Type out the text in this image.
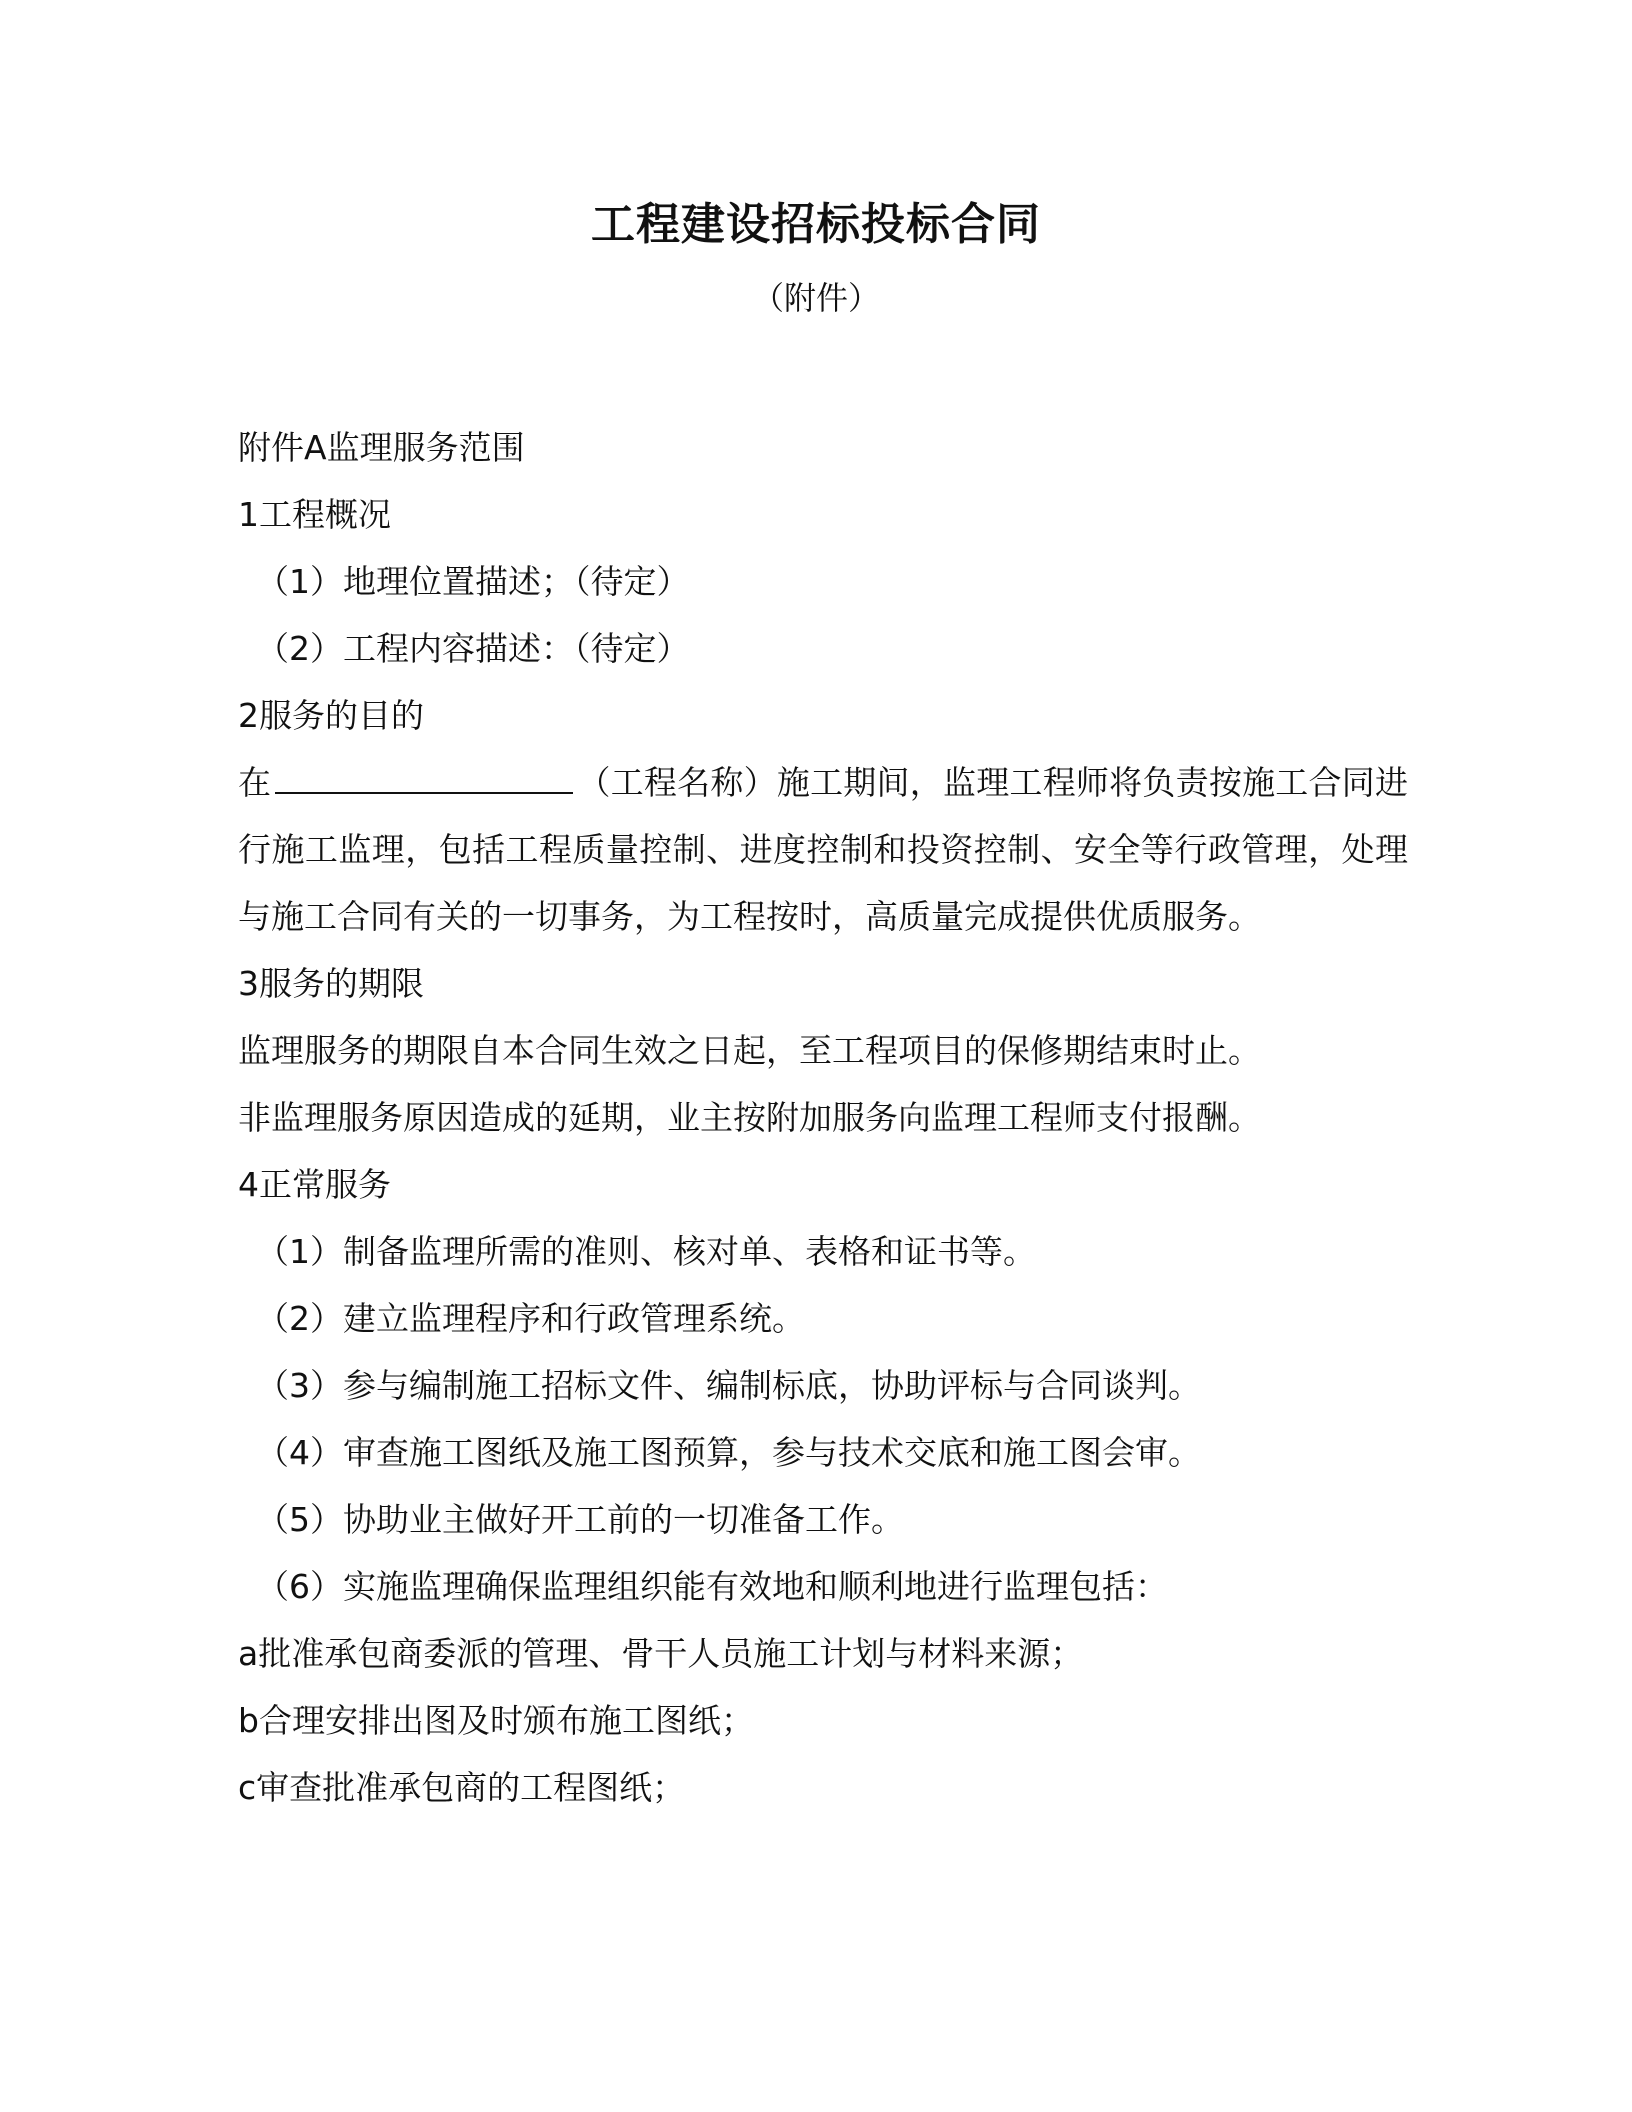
工程建设招标投标合同
（附件）
附件A监理服务范围
1工程概况
（1）地理位置描述；（待定）
（2）工程内容描述：（待定）
2服务的目的
在	（工程名称）施工期间，监理工程师将负责按施工合同进行施工监理，包括工程质量控制、进度控制和投资控制、安全等行政管理，处理与施工合同有关的一切事务，为工程按时，高质量完成提供优质服务。
3服务的期限
监理服务的期限自本合同生效之日起，至工程项目的保修期结束时止。
非监理服务原因造成的延期，业主按附加服务向监理工程师支付报酬。
4正常服务
（1）制备监理所需的准则、核对单、表格和证书等。
（2）建立监理程序和行政管理系统。
（3）参与编制施工招标文件、编制标底，协助评标与合同谈判。
（4）审查施工图纸及施工图预算，参与技术交底和施工图会审。
（5）协助业主做好开工前的一切准备工作。
（6）实施监理确保监理组织能有效地和顺利地进行监理包括：
a批准承包商委派的管理、骨干人员施工计划与材料来源；
b合理安排出图及时颁布施工图纸；
c审查批准承包商的工程图纸；
